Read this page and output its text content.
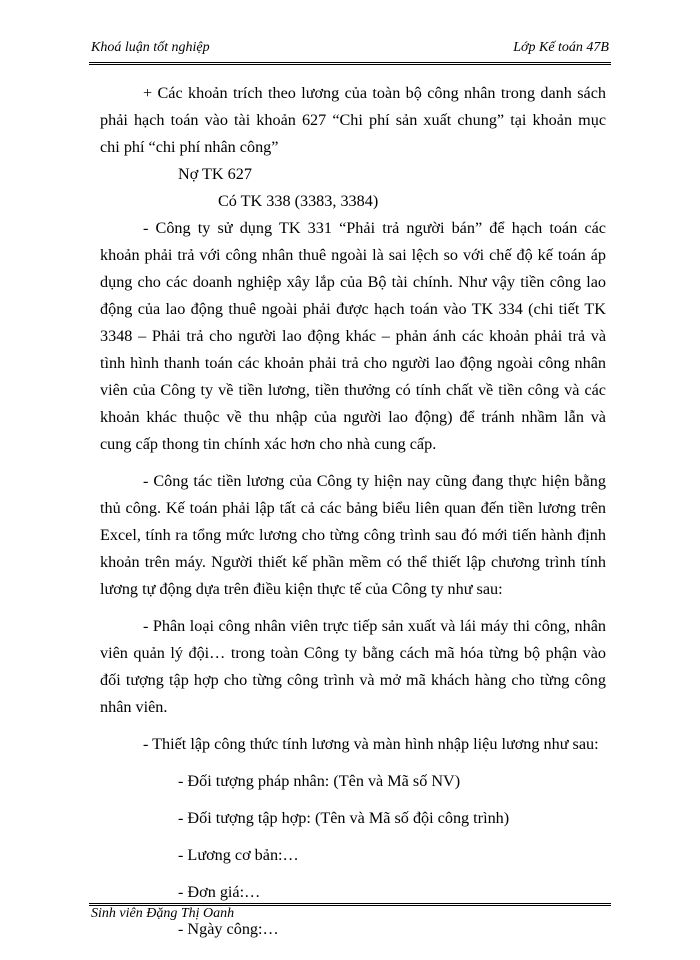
Khoá luận tốt nghiệp	Lớp Kế toán 47B
+ Các khoản trích theo lương của toàn bộ công nhân trong danh sách
phải hạch toán vào tài khoản 627 “Chi phí sản xuất chung” tại khoản mục
chi phí “chi phí nhân công”
Nợ TK 627
Có TK 338 (3383, 3384)
- Công ty sử dụng TK 331 “Phải trả người bán” để hạch toán các
khoản phải trả với công nhân thuê ngoài là sai lệch so với chế độ kế toán áp
dụng cho các doanh nghiệp xây lắp của Bộ tài chính. Như vậy tiền công lao
động của lao động thuê ngoài phải được hạch toán vào TK 334 (chi tiết TK
3348 – Phải trả cho người lao động khác – phản ánh các khoản phải trả và
tình hình thanh toán các khoản phải trả cho người lao động ngoài công nhân
viên của Công ty về tiền lương, tiền thưởng có tính chất về tiền công và các
khoản khác thuộc về thu nhập của người lao động) để tránh nhầm lẫn và
cung cấp thong tin chính xác hơn cho nhà cung cấp.
- Công tác tiền lương của Công ty hiện nay cũng đang thực hiện bằng
thủ công. Kế toán phải lập tất cả các bảng biểu liên quan đến tiền lương trên
Excel, tính ra tổng mức lương cho từng công trình sau đó mới tiến hành định
khoản trên máy. Người thiết kế phần mềm có thể thiết lập chương trình tính
lương tự động dựa trên điều kiện thực tế của Công ty như sau:
- Phân loại công nhân viên trực tiếp sản xuất và lái máy thi công, nhân
viên quản lý đội… trong toàn Công ty bằng cách mã hóa từng bộ phận vào
đối tượng tập hợp cho từng công trình và mở mã khách hàng cho từng công
nhân viên.
- Thiết lập công thức tính lương và màn hình nhập liệu lương như sau:
- Đối tượng pháp nhân: (Tên và Mã số NV)
- Đối tượng tập hợp: (Tên và Mã số đội công trình)
- Lương cơ bản:…
- Đơn giá:…
- Ngày công:…
Sinh viên Đặng Thị Oanh
